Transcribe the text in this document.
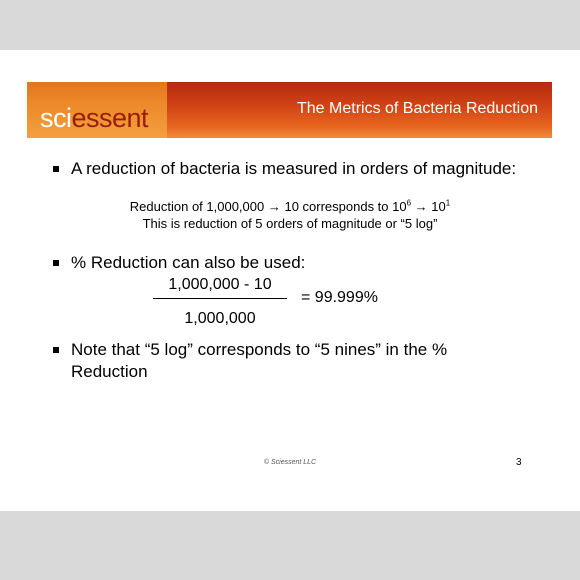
sciessent	The Metrics of Bacteria Reduction
A reduction of bacteria is measured in orders of magnitude:
Reduction of 1,000,000 → 10 corresponds to $10^6 \to 10^1$
This is reduction of 5 orders of magnitude or “5 log”
% Reduction can also be used:
1,000,000 - 10
1,000,000
= 99.999%
Note that “5 log” corresponds to “5 nines” in the % Reduction
© Sciessent LLC	3
